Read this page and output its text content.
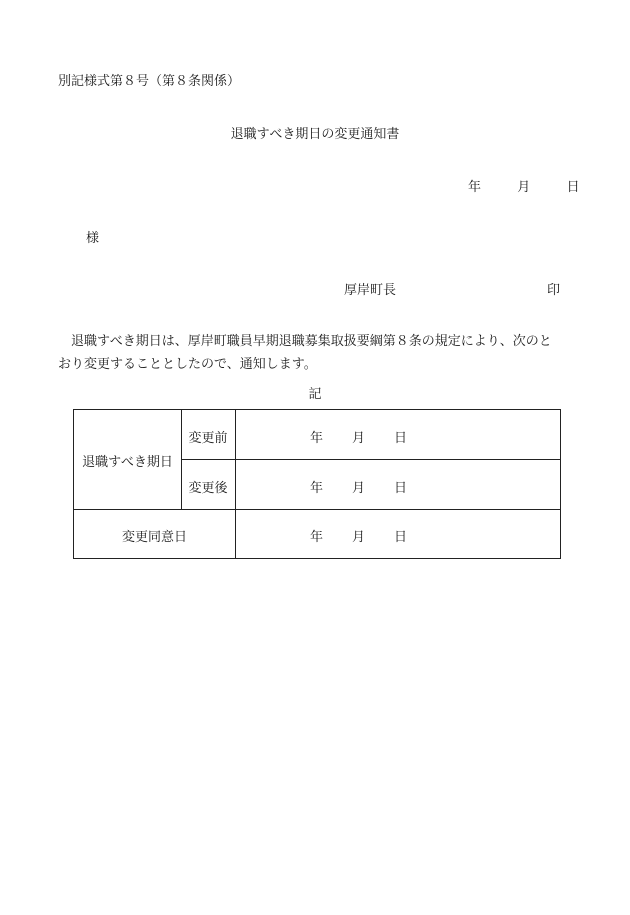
別記様式第８号（第８条関係）
退職すべき期日の変更通知書
年	月	日
様
厚岸町長	印
退職すべき期日は、厚岸町職員早期退職募集取扱要綱第８条の規定により、次のと
おり変更することとしたので、通知します。
記
退職すべき期日
変更前	年 月 日
変更後	年 月 日
変更同意日	年 月 日
